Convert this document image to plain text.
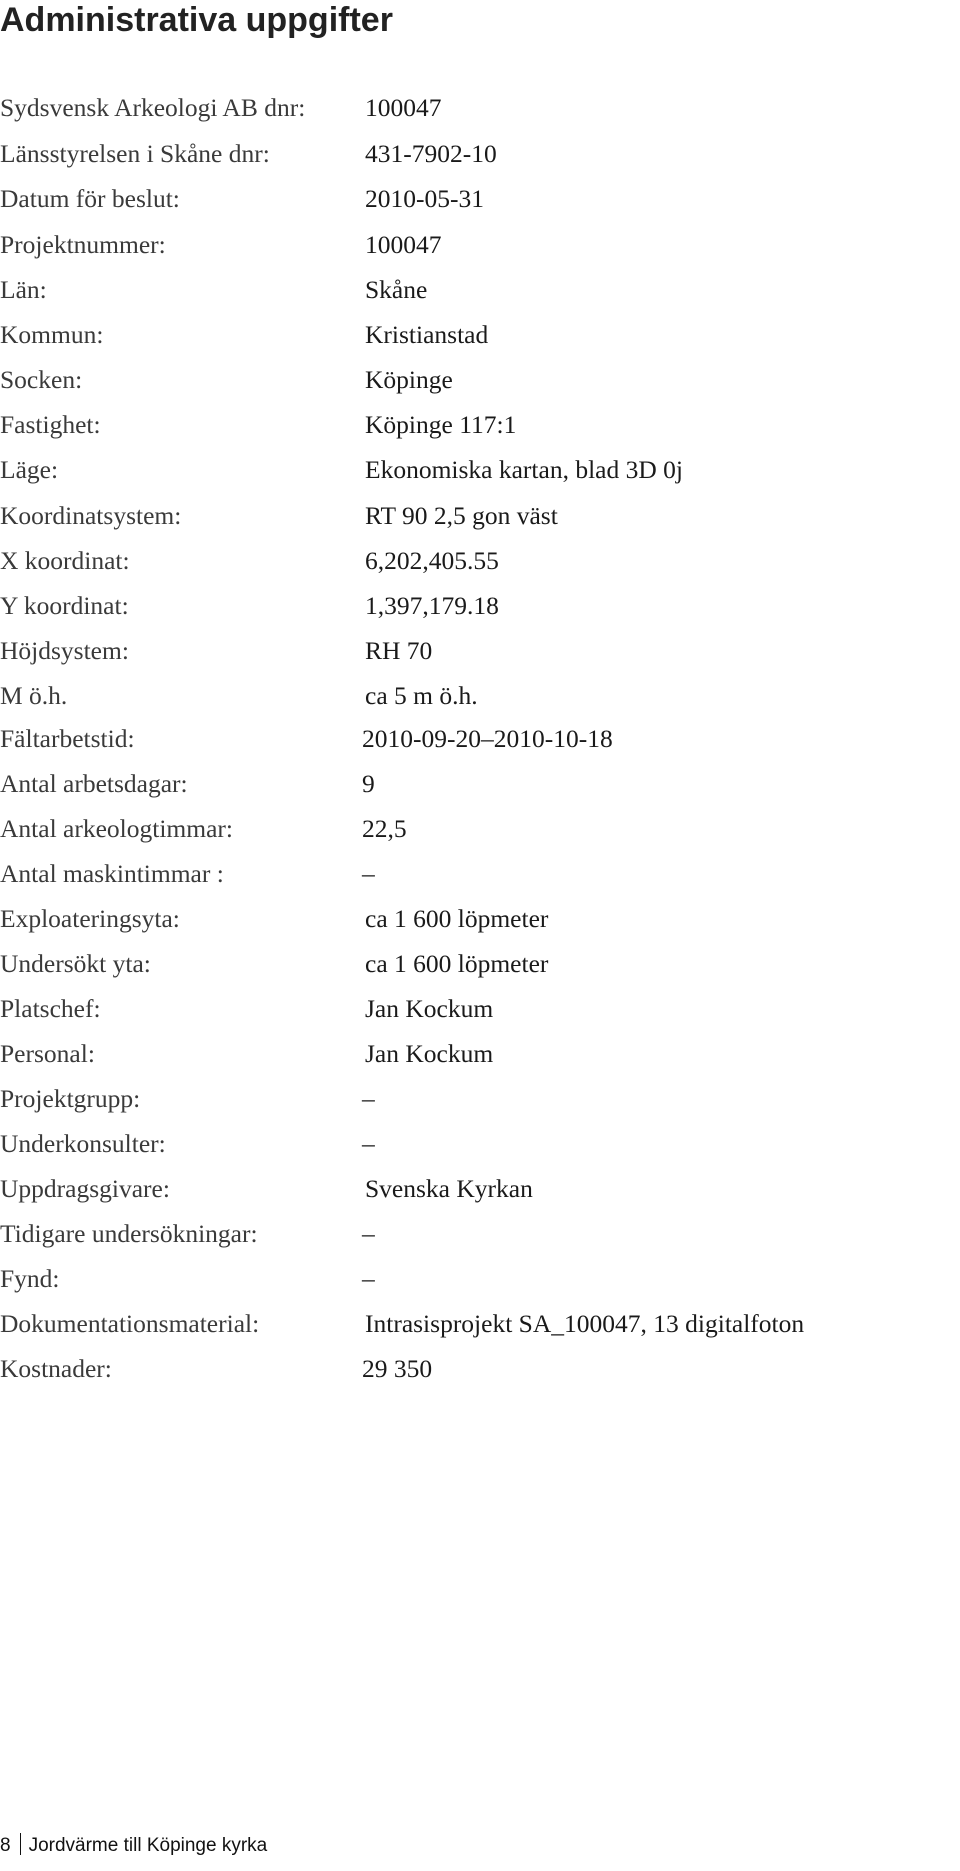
Administrativa uppgifter
Sydsvensk Arkeologi AB dnr: 100047
Länsstyrelsen i Skåne dnr:	431-7902-10
Datum för beslut:	2010-05-31
Projektnummer:	100047
Län:	Skåne
Kommun:	Kristianstad
Socken:	Köpinge
Fastighet:	Köpinge 117:1
Läge:	Ekonomiska kartan, blad 3D 0j
Koordinatsystem:	RT 90 2,5 gon väst
X koordinat:	6,202,405.55
Y koordinat:	1,397,179.18
Höjdsystem:	RH 70
M ö.h.	ca 5 m ö.h.
Fältarbetstid:	2010-09-20–2010-10-18
Antal arbetsdagar:	9
Antal arkeologtimmar:	22,5
Antal maskintimmar :	–
Exploateringsyta:	ca 1 600 löpmeter
Undersökt yta:	ca 1 600 löpmeter
Platschef:	Jan Kockum
Personal:	Jan Kockum
Projektgrupp:	–
Underkonsulter:	–
Uppdragsgivare:	Svenska Kyrkan
Tidigare undersökningar:	–
Fynd:	–
Dokumentationsmaterial:	Intrasisprojekt SA_100047, 13 digitalfoton
Kostnader:	29 350
8 Jordvärme till Köpinge kyrka
